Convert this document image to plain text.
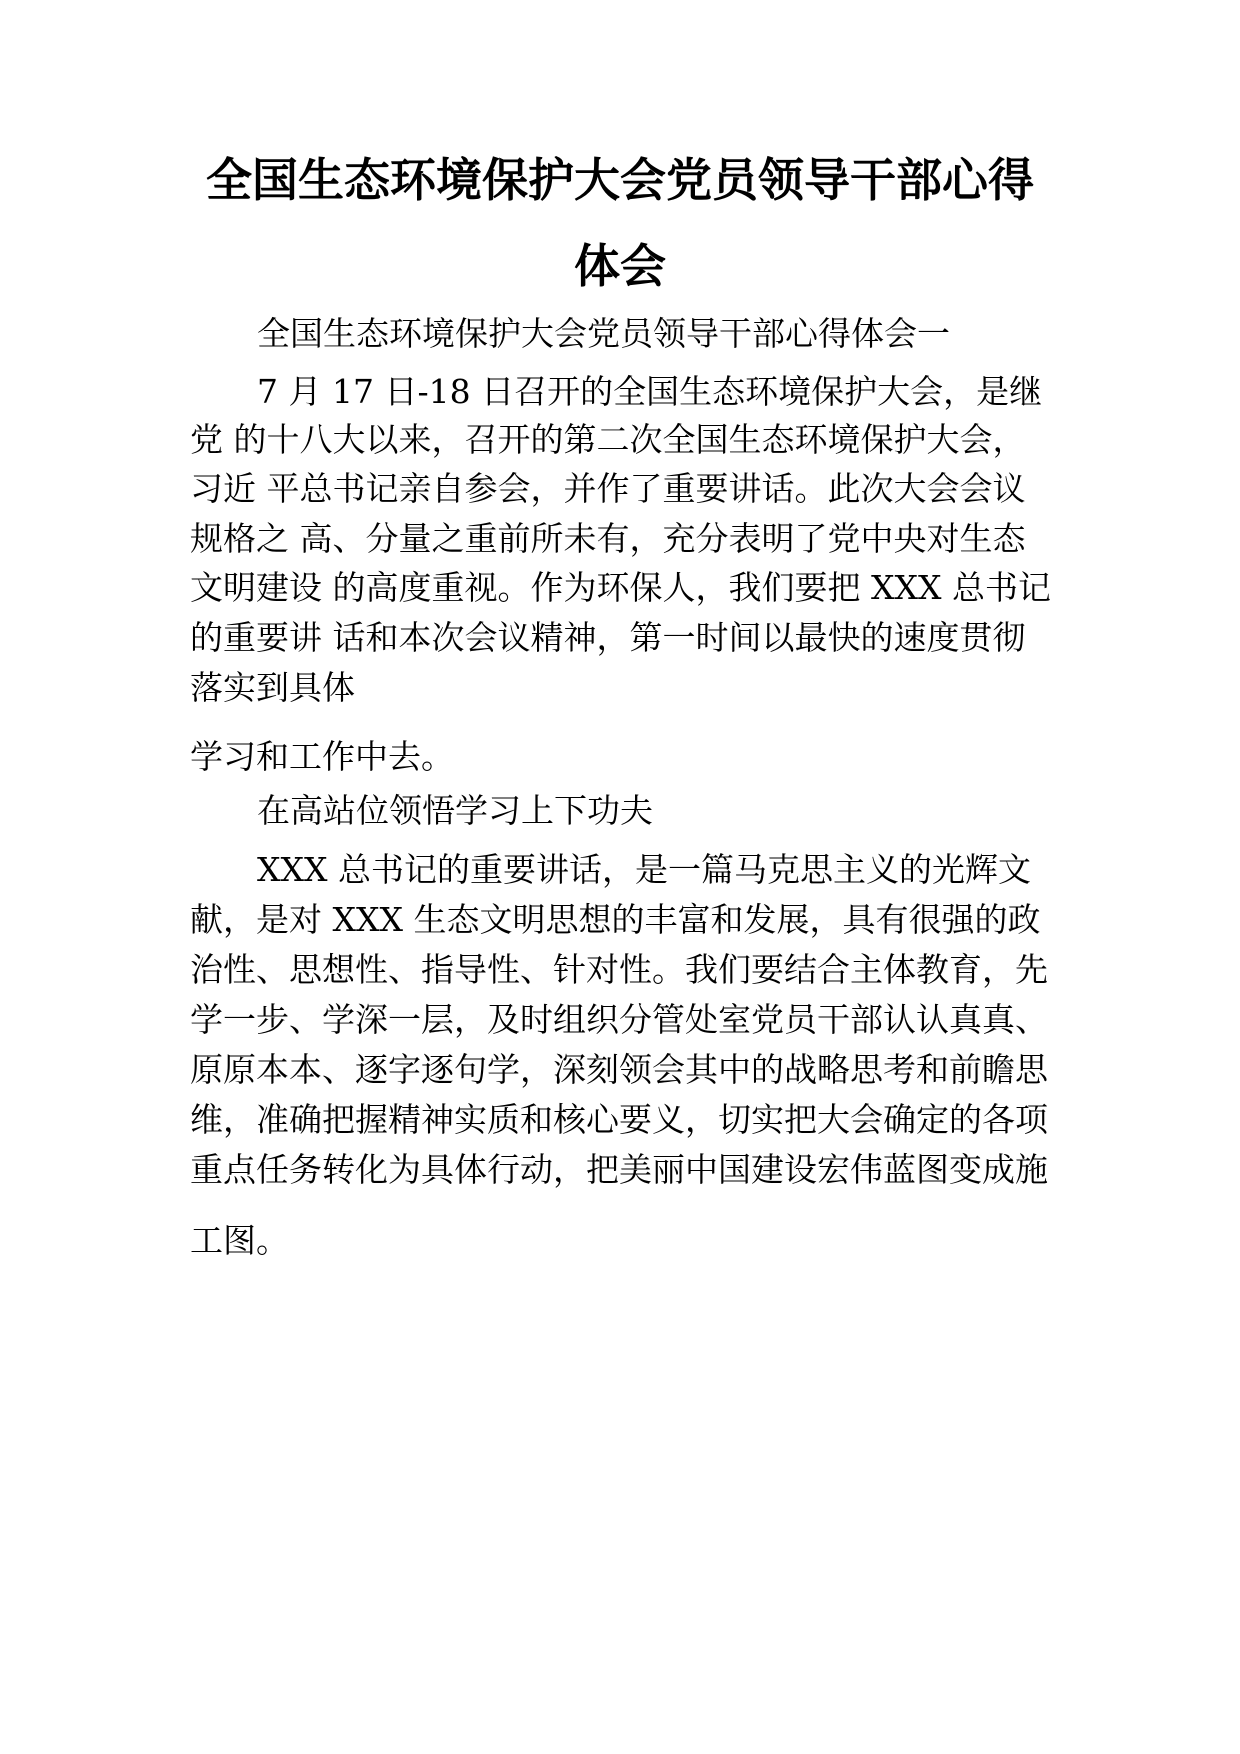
全国生态环境保护大会党员领导干部心得
体会
全国生态环境保护大会党员领导干部心得体会一
7 月 17 日-18 日召开的全国生态环境保护大会，是继
党 的十八大以来，召开的第二次全国生态环境保护大会，
习近 平总书记亲自参会，并作了重要讲话。此次大会会议
规格之 高、分量之重前所未有，充分表明了党中央对生态
文明建设 的高度重视。作为环保人，我们要把 XXX 总书记
的重要讲 话和本次会议精神，第一时间以最快的速度贯彻
落实到具体
学习和工作中去。
在高站位领悟学习上下功夫
XXX 总书记的重要讲话，是一篇马克思主义的光辉文
献，是对 XXX 生态文明思想的丰富和发展，具有很强的政
治性、思想性、指导性、针对性。我们要结合主体教育，先
学一步、学深一层，及时组织分管处室党员干部认认真真、
原原本本、逐字逐句学，深刻领会其中的战略思考和前瞻思
维，准确把握精神实质和核心要义，切实把大会确定的各项
重点任务转化为具体行动，把美丽中国建设宏伟蓝图变成施
工图。
